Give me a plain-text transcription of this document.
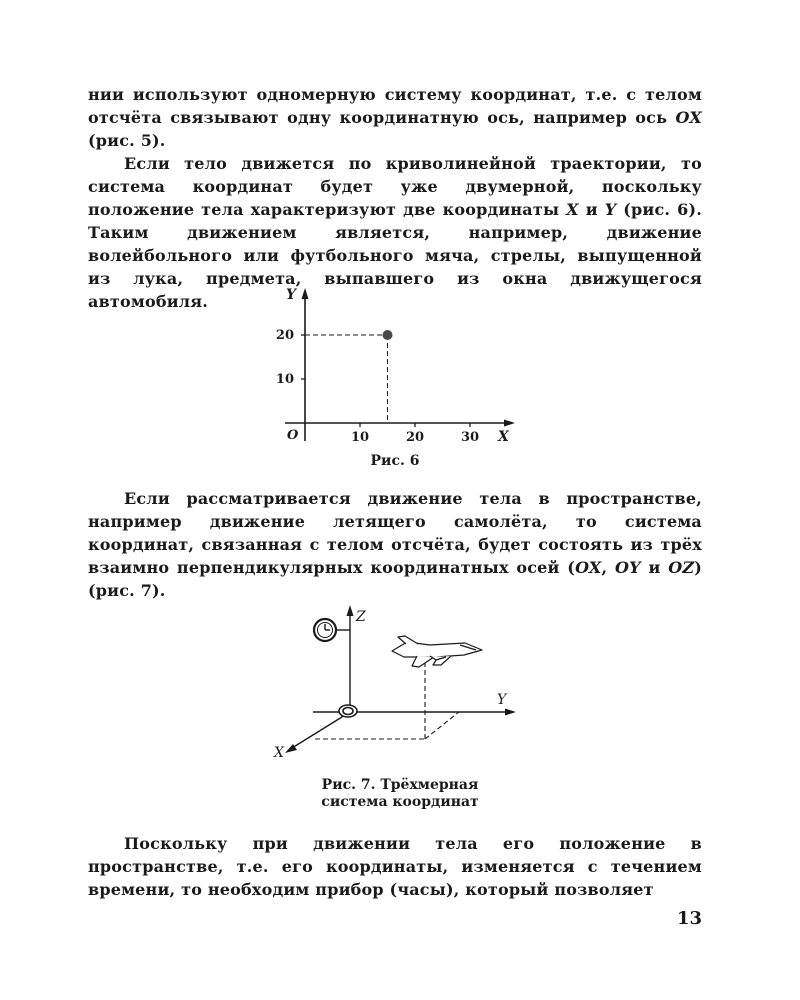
нии используют одномерную систему координат, т.е. с телом отсчёта связывают одну координатную ось, например ось OX (рис. 5).

Если тело движется по криволинейной траектории, то система координат будет уже двумерной, поскольку положение тела характеризуют две координаты X и Y (рис. 6). Таким движением является, например, движение волейбольного или футбольного мяча, стрелы, выпущенной из лука, предмета, выпавшего из окна движущегося автомобиля.

X
Y
O	10	20	30
10
20
Рис. 6

Если рассматривается движение тела в пространстве, например движение летящего самолёта, то система координат, связанная с телом отсчёта, будет состоять из трёх взаимно перпендикулярных координатных осей (OX, OY и OZ) (рис. 7).

Z
Y
X
Рис. 7. Трёхмерная
система координат

Поскольку при движении тела его положение в пространстве, т.е. его координаты, изменяется с течением времени, то необходим прибор (часы), который позволяет

13
